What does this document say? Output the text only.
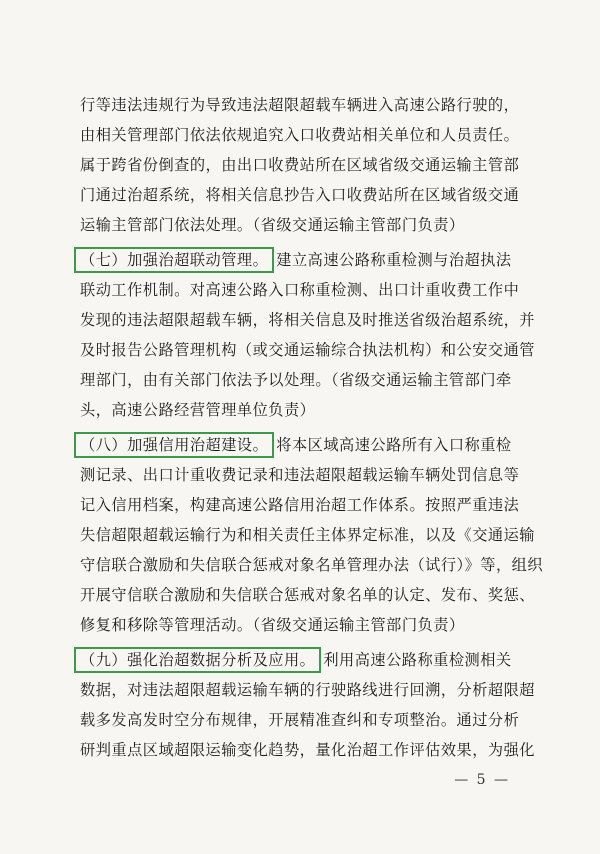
行等违法违规行为导致违法超限超载车辆进入高速公路行驶的，
由相关管理部门依法依规追究入口收费站相关单位和人员责任。
属于跨省份倒查的，由出口收费站所在区域省级交通运输主管部
门通过治超系统，将相关信息抄告入口收费站所在区域省级交通
运输主管部门依法处理。（省级交通运输主管部门负责）
（七）加强治超联动管理。 建立高速公路称重检测与治超执法
联动工作机制。对高速公路入口称重检测、出口计重收费工作中
发现的违法超限超载车辆，将相关信息及时推送省级治超系统，并
及时报告公路管理机构（或交通运输综合执法机构）和公安交通管
理部门，由有关部门依法予以处理。（省级交通运输主管部门牵
头，高速公路经营管理单位负责）
（八）加强信用治超建设。 将本区域高速公路所有入口称重检
测记录、出口计重收费记录和违法超限超载运输车辆处罚信息等
记入信用档案，构建高速公路信用治超工作体系。按照严重违法
失信超限超载运输行为和相关责任主体界定标准，以及《交通运输
守信联合激励和失信联合惩戒对象名单管理办法（试行）》等，组织
开展守信联合激励和失信联合惩戒对象名单的认定、发布、奖惩、
修复和移除等管理活动。（省级交通运输主管部门负责）
（九）强化治超数据分析及应用。 利用高速公路称重检测相关
数据，对违法超限超载运输车辆的行驶路线进行回溯，分析超限超
载多发高发时空分布规律，开展精准查纠和专项整治。通过分析
研判重点区域超限运输变化趋势，量化治超工作评估效果，为强化
— 5 —
